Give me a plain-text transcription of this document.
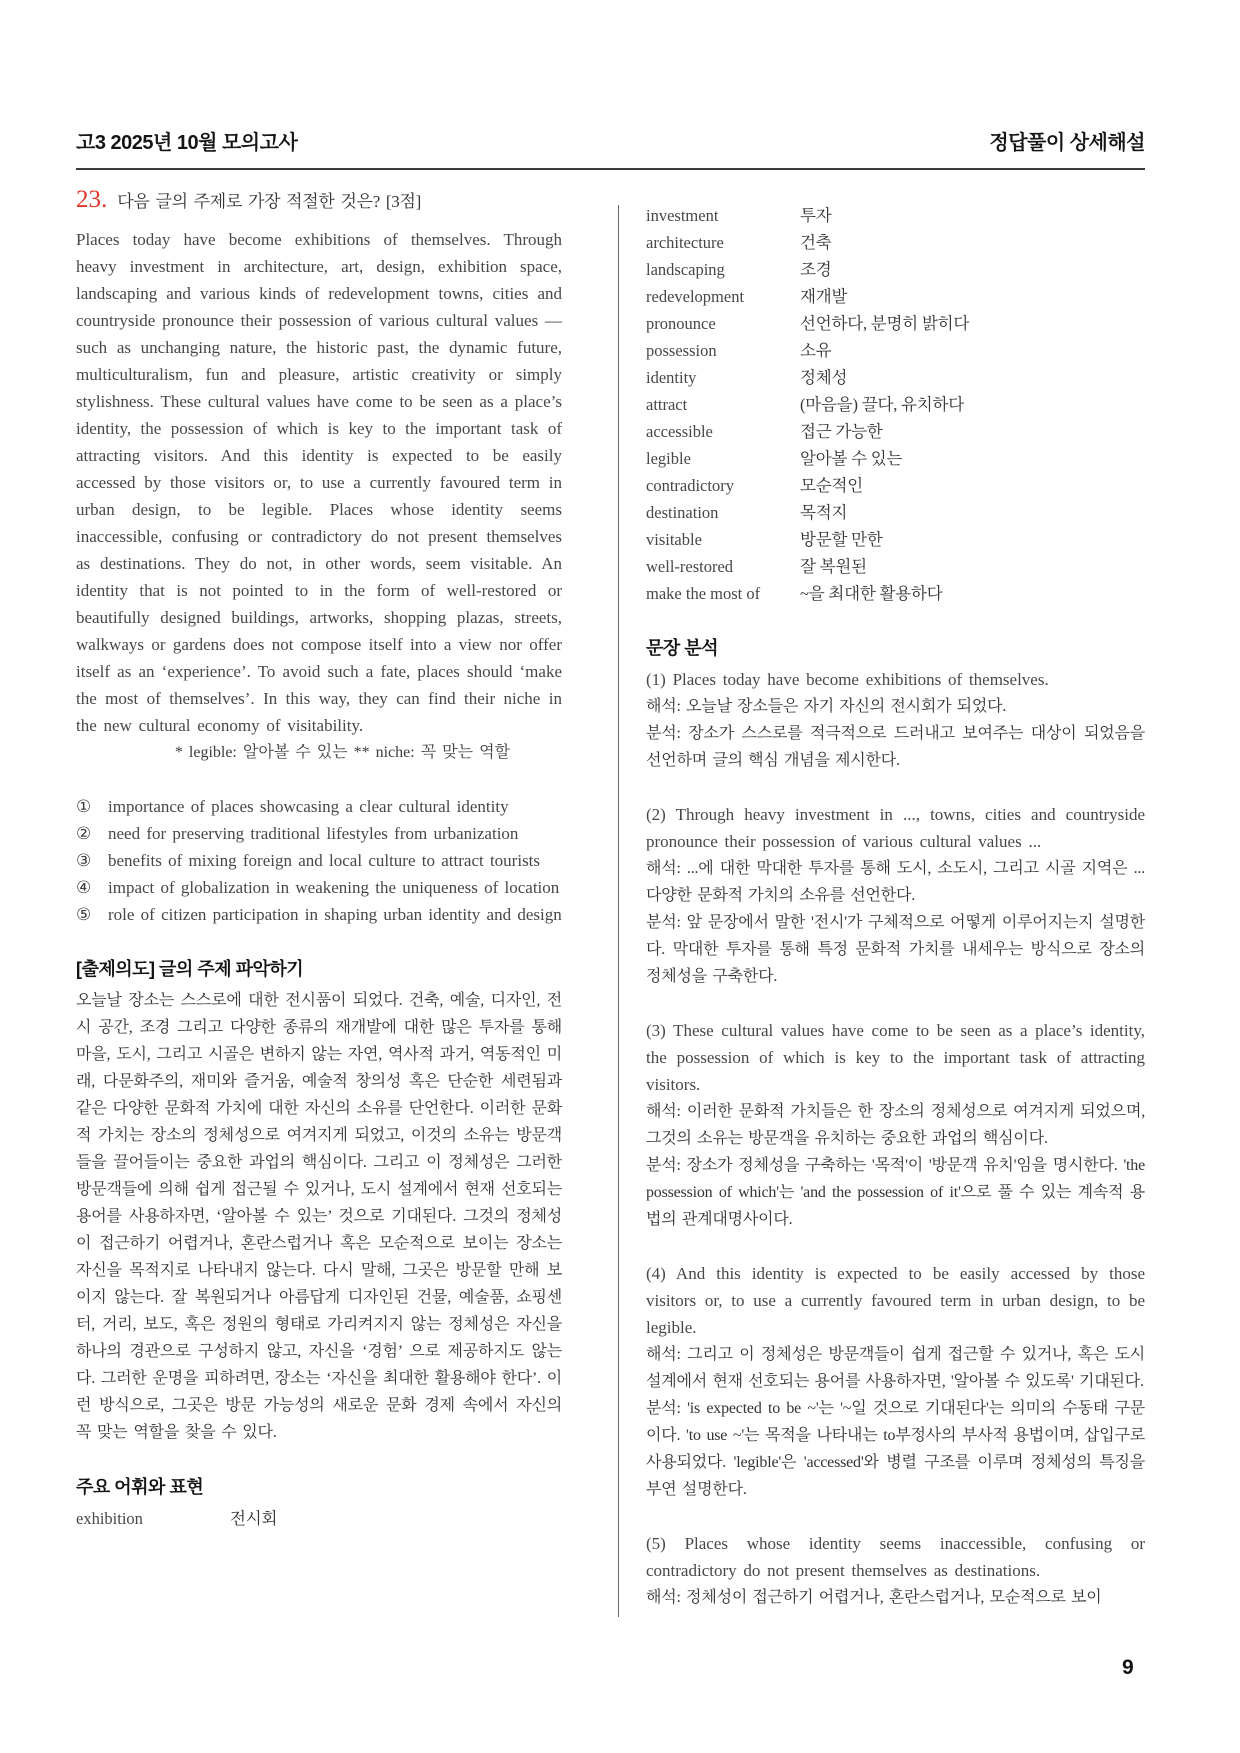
고3 2025년 10월 모의고사	정답풀이 상세해설
23. 다음 글의 주제로 가장 적절한 것은? [3점]

Places today have become exhibitions of themselves. Through heavy investment in architecture, art, design, exhibition space, landscaping and various kinds of redevelopment towns, cities and countryside pronounce their possession of various cultural values — such as unchanging nature, the historic past, the dynamic future, multiculturalism, fun and pleasure, artistic creativity or simply stylishness. These cultural values have come to be seen as a place’s identity, the possession of which is key to the important task of attracting visitors. And this identity is expected to be easily accessed by those visitors or, to use a currently favoured term in urban design, to be legible. Places whose identity seems inaccessible, confusing or contradictory do not present themselves as destinations. They do not, in other words, seem visitable. An identity that is not pointed to in the form of well-restored or beautifully designed buildings, artworks, shopping plazas, streets, walkways or gardens does not compose itself into a view nor offer itself as an ‘experience’. To avoid such a fate, places should ‘make the most of themselves’. In this way, they can find their niche in the new cultural economy of visitability.

* legible: 알아볼 수 있는 ** niche: 꼭 맞는 역할
① importance of places showcasing a clear cultural identity
② need for preserving traditional lifestyles from urbanization
③ benefits of mixing foreign and local culture to attract tourists
④ impact of globalization in weakening the uniqueness of location
⑤ role of citizen participation in shaping urban identity and design
[출제의도] 글의 주제 파악하기

오늘날 장소는 스스로에 대한 전시품이 되었다. 건축, 예술, 디자인, 전시 공간, 조경 그리고 다양한 종류의 재개발에 대한 많은 투자를 통해 마을, 도시, 그리고 시골은 변하지 않는 자연, 역사적 과거, 역동적인 미래, 다문화주의, 재미와 즐거움, 예술적 창의성 혹은 단순한 세련됨과 같은 다양한 문화적 가치에 대한 자신의 소유를 단언한다. 이러한 문화적 가치는 장소의 정체성으로 여겨지게 되었고, 이것의 소유는 방문객들을 끌어들이는 중요한 과업의 핵심이다. 그리고 이 정체성은 그러한 방문객들에 의해 쉽게 접근될 수 있거나, 도시 설계에서 현재 선호되는 용어를 사용하자면, ‘알아볼 수 있는’ 것으로 기대된다. 그것의 정체성이 접근하기 어렵거나, 혼란스럽거나 혹은 모순적으로 보이는 장소는 자신을 목적지로 나타내지 않는다. 다시 말해, 그곳은 방문할 만해 보이지 않는다. 잘 복원되거나 아름답게 디자인된 건물, 예술품, 쇼핑센터, 거리, 보도, 혹은 정원의 형태로 가리켜지지 않는 정체성은 자신을 하나의 경관으로 구성하지 않고, 자신을 ‘경험’ 으로 제공하지도 않는다. 그러한 운명을 피하려면, 장소는 ‘자신을 최대한 활용해야 한다’. 이런 방식으로, 그곳은 방문 가능성의 새로운 문화 경제 속에서 자신의 꼭 맞는 역할을 찾을 수 있다.

주요 어휘와 표현
exhibition	전시회
investment	투자
architecture	건축
landscaping	조경
redevelopment	재개발
pronounce	선언하다, 분명히 밝히다
possession	소유
identity	정체성
attract	(마음을) 끌다, 유치하다
accessible	접근 가능한
legible	알아볼 수 있는
contradictory	모순적인
destination	목적지
visitable	방문할 만한
well-restored	잘 복원된
make the most of	~을 최대한 활용하다
문장 분석

(1) Places today have become exhibitions of themselves.

해석: 오늘날 장소들은 자기 자신의 전시회가 되었다.

분석: 장소가 스스로를 적극적으로 드러내고 보여주는 대상이 되었음을 선언하며 글의 핵심 개념을 제시한다.

(2) Through heavy investment in ..., towns, cities and countryside pronounce their possession of various cultural values ...

해석: ...에 대한 막대한 투자를 통해 도시, 소도시, 그리고 시골 지역은 ... 다양한 문화적 가치의 소유를 선언한다.

분석: 앞 문장에서 말한 '전시'가 구체적으로 어떻게 이루어지는지 설명한다. 막대한 투자를 통해 특정 문화적 가치를 내세우는 방식으로 장소의 정체성을 구축한다.

(3) These cultural values have come to be seen as a place’s identity, the possession of which is key to the important task of attracting visitors.

해석: 이러한 문화적 가치들은 한 장소의 정체성으로 여겨지게 되었으며, 그것의 소유는 방문객을 유치하는 중요한 과업의 핵심이다.

분석: 장소가 정체성을 구축하는 '목적'이 '방문객 유치'임을 명시한다. 'the possession of which'는 'and the possession of it'으로 풀 수 있는 계속적 용법의 관계대명사이다.

(4) And this identity is expected to be easily accessed by those visitors or, to use a currently favoured term in urban design, to be legible.

해석: 그리고 이 정체성은 방문객들이 쉽게 접근할 수 있거나, 혹은 도시 설계에서 현재 선호되는 용어를 사용하자면, '알아볼 수 있도록' 기대된다.

분석: 'is expected to be ~'는 '~일 것으로 기대된다'는 의미의 수동태 구문이다. 'to use ~'는 목적을 나타내는 to부정사의 부사적 용법이며, 삽입구로 사용되었다. 'legible'은 'accessed'와 병렬 구조를 이루며 정체성의 특징을 부연 설명한다.

(5) Places whose identity seems inaccessible, confusing or contradictory do not present themselves as destinations.

해석: 정체성이 접근하기 어렵거나, 혼란스럽거나, 모순적으로 보이

9
